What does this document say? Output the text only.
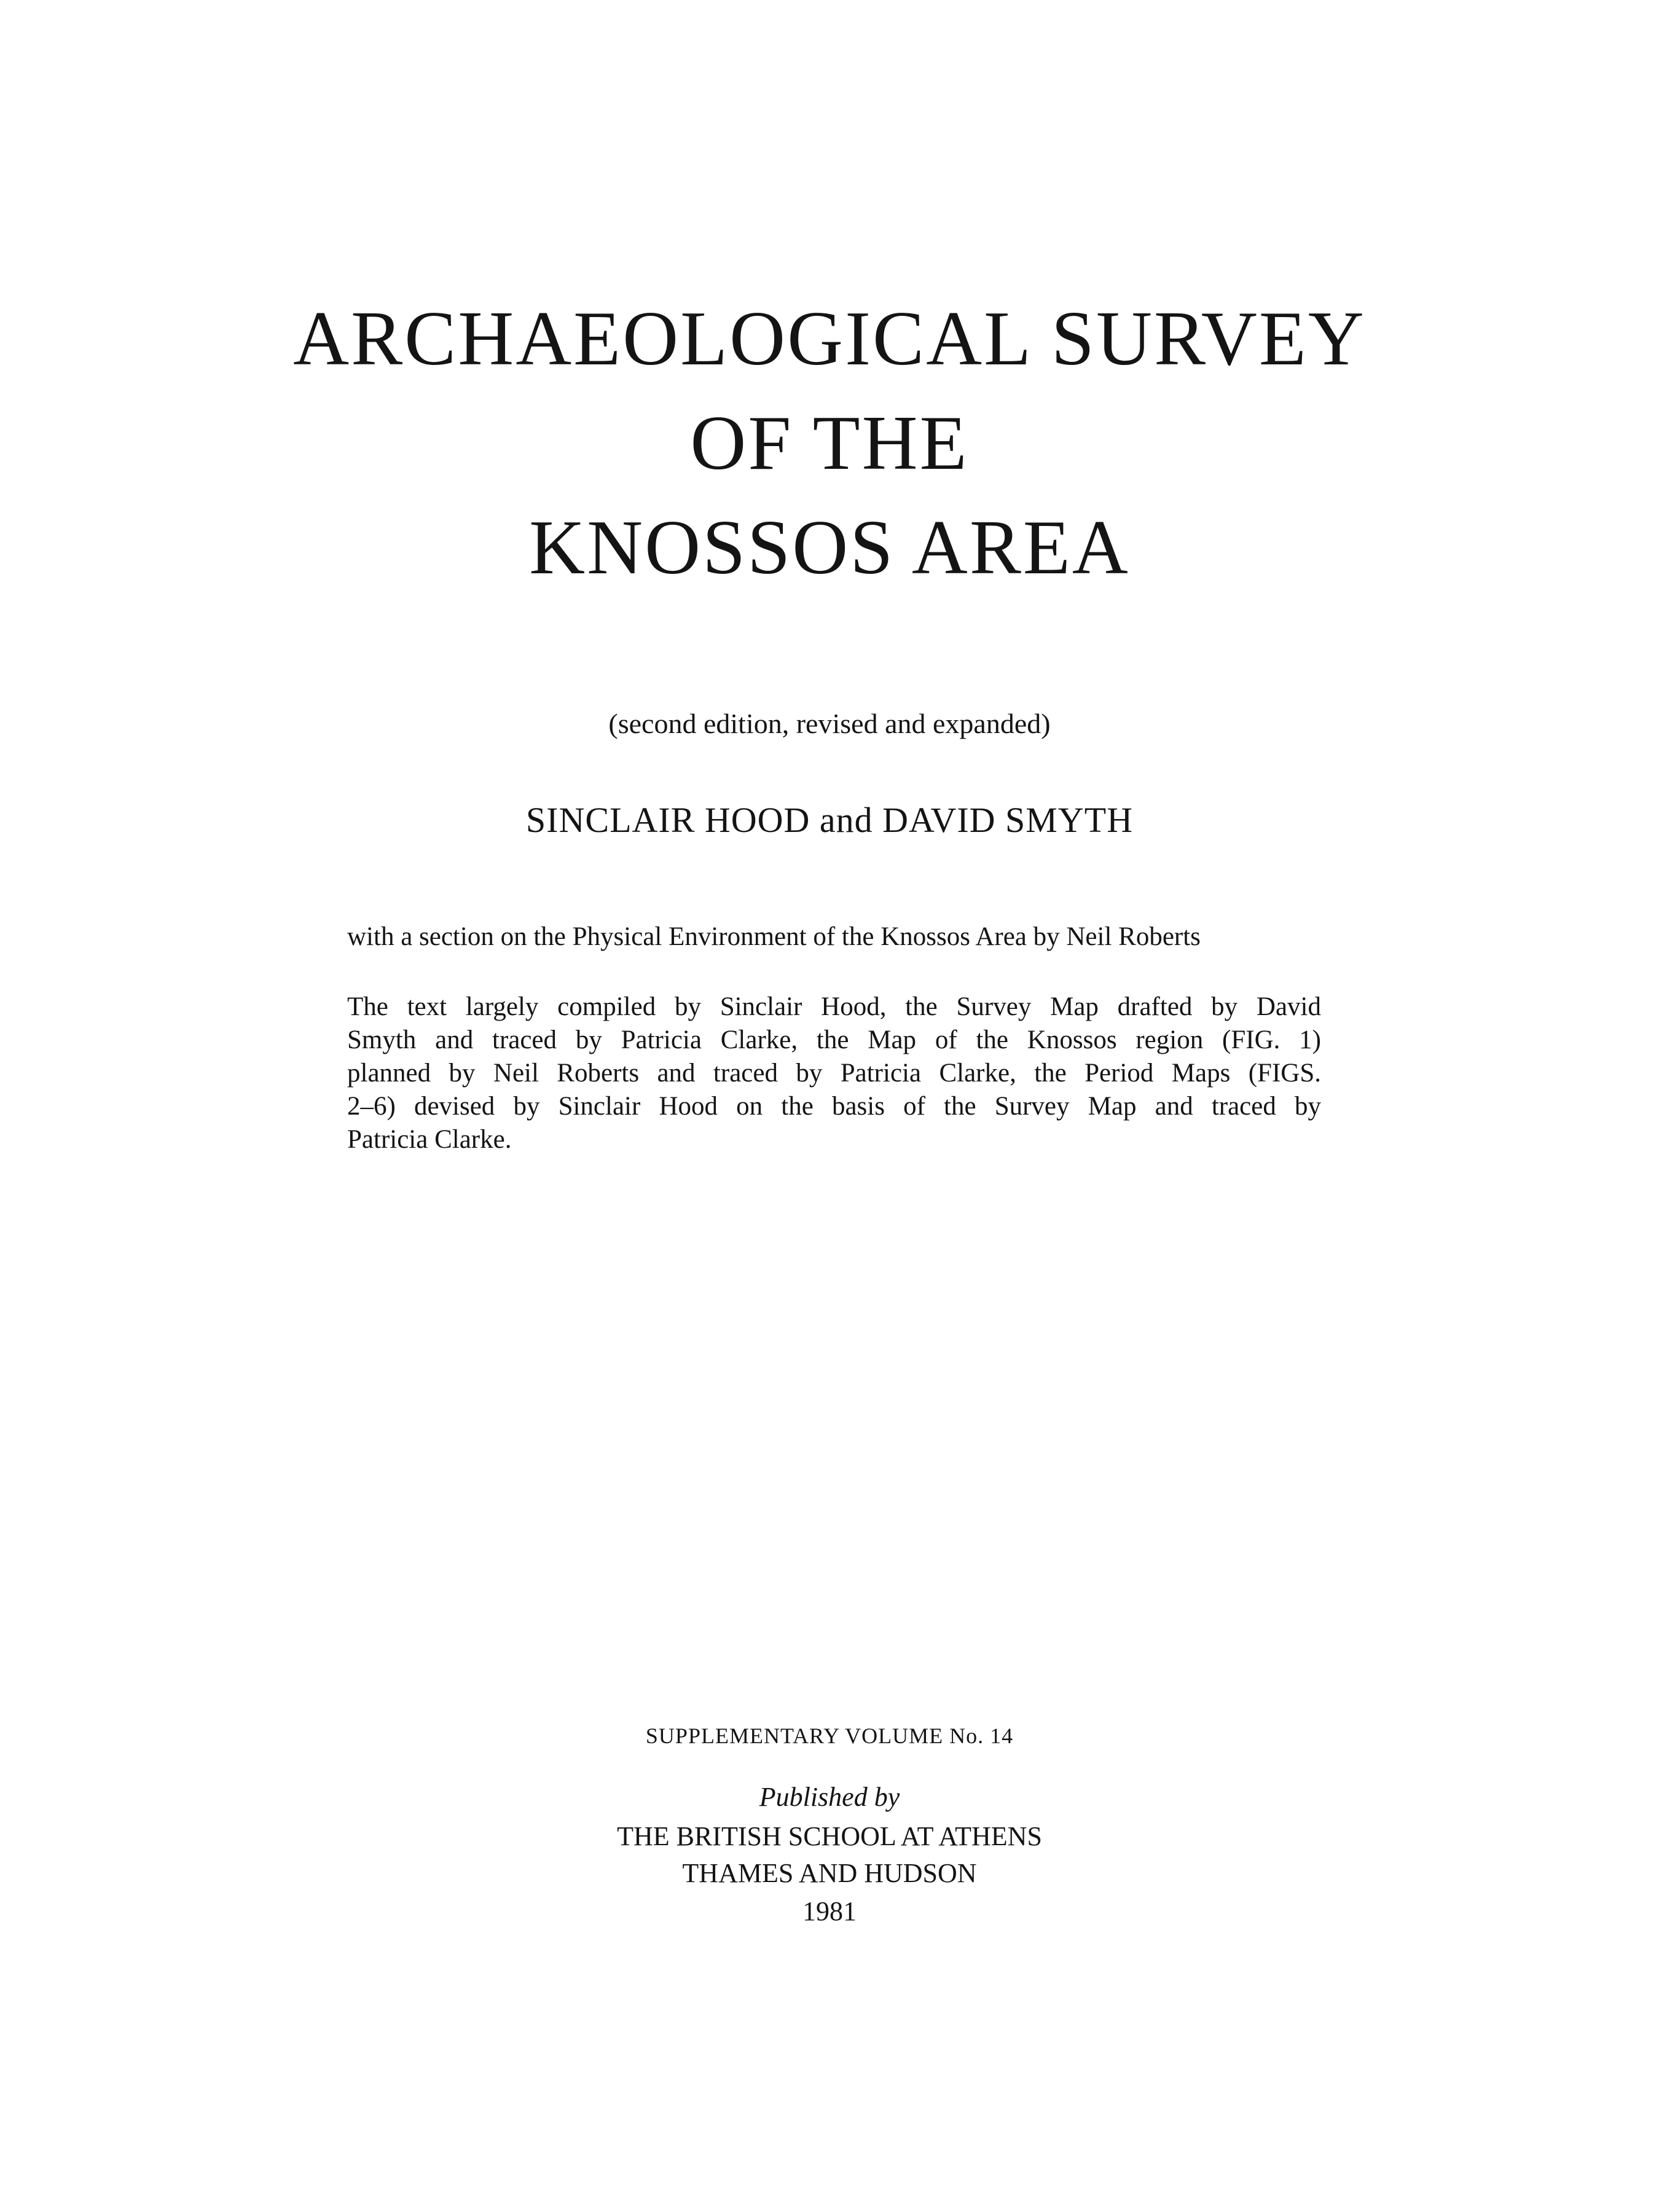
ARCHAEOLOGICAL SURVEY
OF THE
KNOSSOS AREA

(second edition, revised and expanded)

SINCLAIR HOOD and DAVID SMYTH

with a section on the Physical Environment of the Knossos Area by Neil Roberts

The text largely compiled by Sinclair Hood, the Survey Map drafted by David
Smyth and traced by Patricia Clarke, the Map of the Knossos region (FIG. 1)
planned by Neil Roberts and traced by Patricia Clarke, the Period Maps (FIGS.
2–6) devised by Sinclair Hood on the basis of the Survey Map and traced by
Patricia Clarke.

SUPPLEMENTARY VOLUME No. 14

Published by

THE BRITISH SCHOOL AT ATHENS

THAMES AND HUDSON

1981
